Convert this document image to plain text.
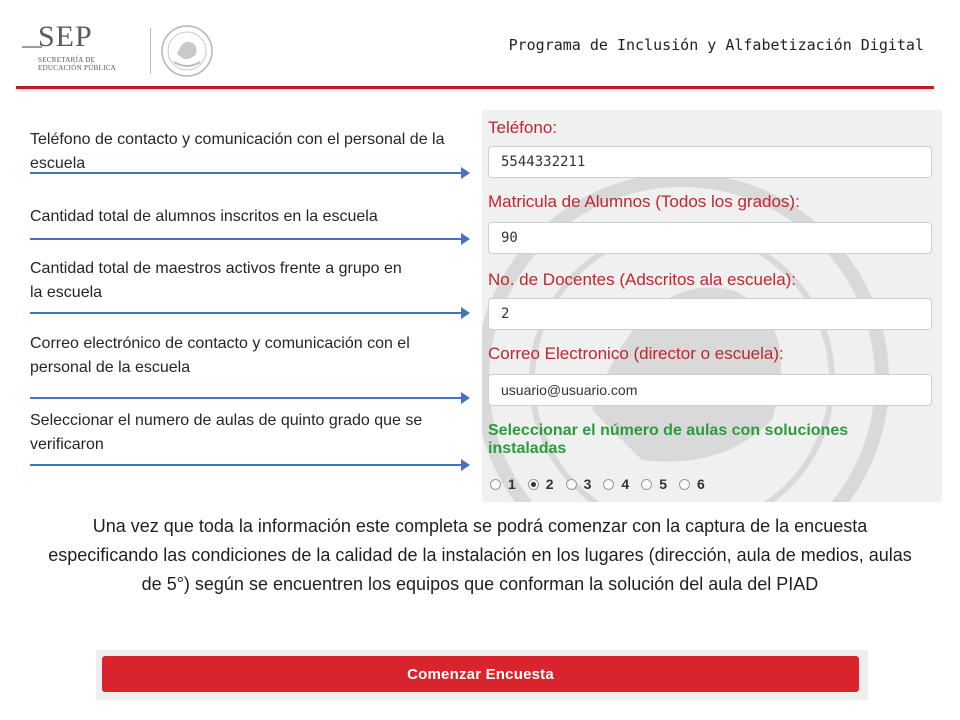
SEP
SECRETARÍA DE
EDUCACIÓN PÚBLICA
Programa de Inclusión y Alfabetización Digital
Teléfono de contacto y comunicación con el personal de la escuela
Cantidad total de alumnos inscritos en la escuela
Cantidad total de maestros activos frente a grupo en la escuela
Correo electrónico de contacto y comunicación con el personal de la escuela
Seleccionar el numero de aulas de quinto grado que se verificaron
Teléfono:
5544332211
Matricula de Alumnos (Todos los grados):
90
No. de Docentes (Adscritos ala escuela):
2
Correo Electronico (director o escuela):
usuario@usuario.com
Seleccionar el número de aulas con soluciones instaladas
1 2 3 4 5 6
Una vez que toda la información este completa se podrá comenzar con la captura de la encuesta especificando las condiciones de la calidad de la instalación en los lugares (dirección, aula de medios, aulas de 5°) según se encuentren los equipos que conforman la solución del aula del PIAD
Comenzar Encuesta
